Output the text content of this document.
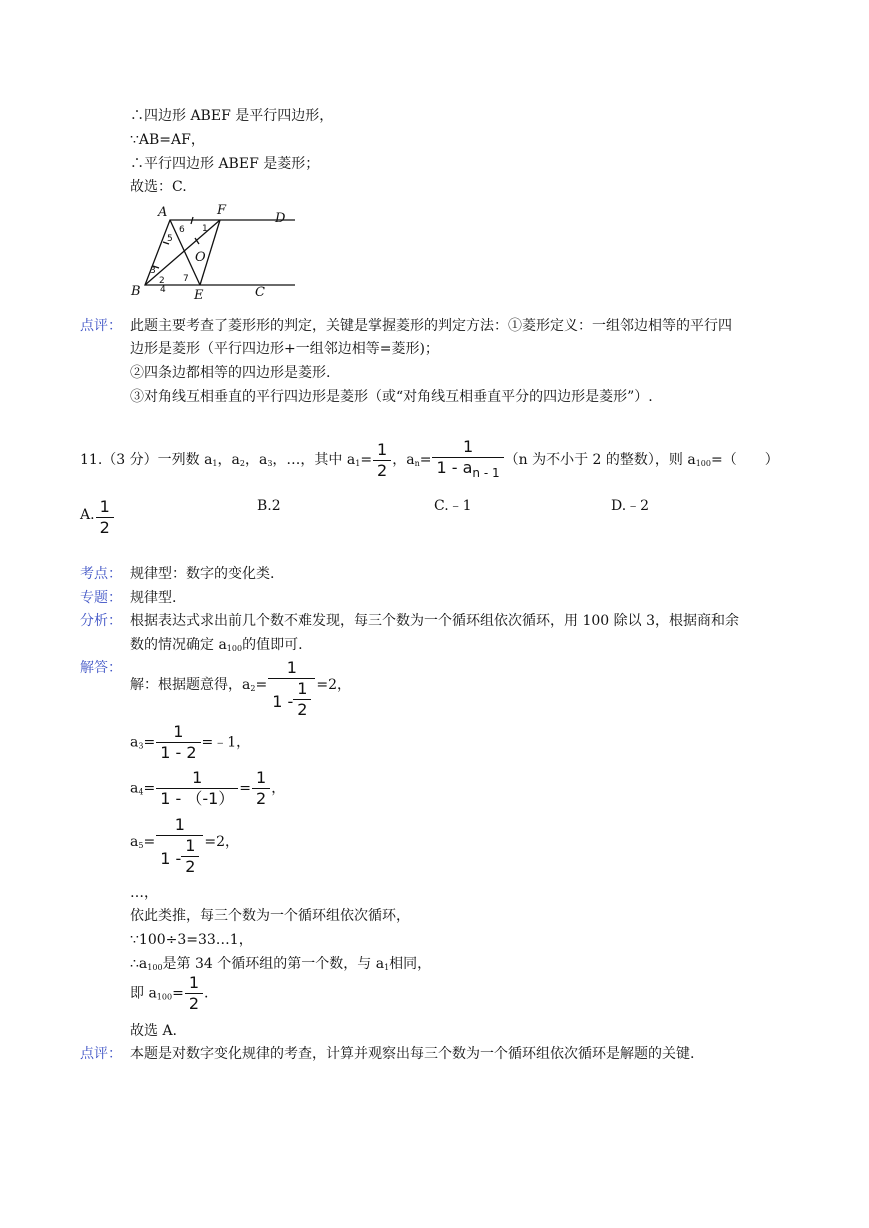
∴四边形 ABEF 是平行四边形，
∵AB=AF，
∴平行四边形 ABEF 是菱形；
故选：C.
A	F
D
B	E	C
O
5
6 1
3
2
4
7
点评： 此题主要考查了菱形形的判定，关键是掌握菱形的判定方法：①菱形定义：一组邻边相等的平行四
边形是菱形（平行四边形+一组邻边相等=菱形)；
②四条边都相等的四边形是菱形.
③对角线互相垂直的平行四边形是菱形（或“对角线互相垂直平分的四边形是菱形”）.
11.（3 分）一列数 $a_1$，$a_2$，$a_3$，…，其中 $a_1= \frac{1}{2}$ ，$a_n= \frac{1}{1 - a_{n - 1}} (n$ 为不小于 2 的整数），则 $a_{100}=$（　　）
A. $\frac{1}{2}$	B.2	C.﹣1	D.﹣2
考点： 规律型：数字的变化类.
专题： 规律型.
分析： 根据表达式求出前几个数不难发现，每三个数为一个循环组依次循环，用 100 除以 3，根据商和余
数的情况确定 $a_{100}$的值即可.
解答：
解：根据题意得，$a_2= \frac{1}{1 - \frac{1}{2}} =2$，
$a_3= \frac{1}{1 - 2}$ =﹣1，
$a_4= \frac{1}{1 - (-1)} = \frac{1}{2}$ ，
$a_5= \frac{1}{1 - \frac{1}{2}} =2$，
…，
依此类推，每三个数为一个循环组依次循环，
∵100÷3=33…1，
$\therefore a_{100}$是第 34 个循环组的第一个数，与 $a_1$相同，
即 $a_{100}= \frac{1}{2}$ .
故选 A.
点评： 本题是对数字变化规律的考查，计算并观察出每三个数为一个循环组依次循环是解题的关键.
